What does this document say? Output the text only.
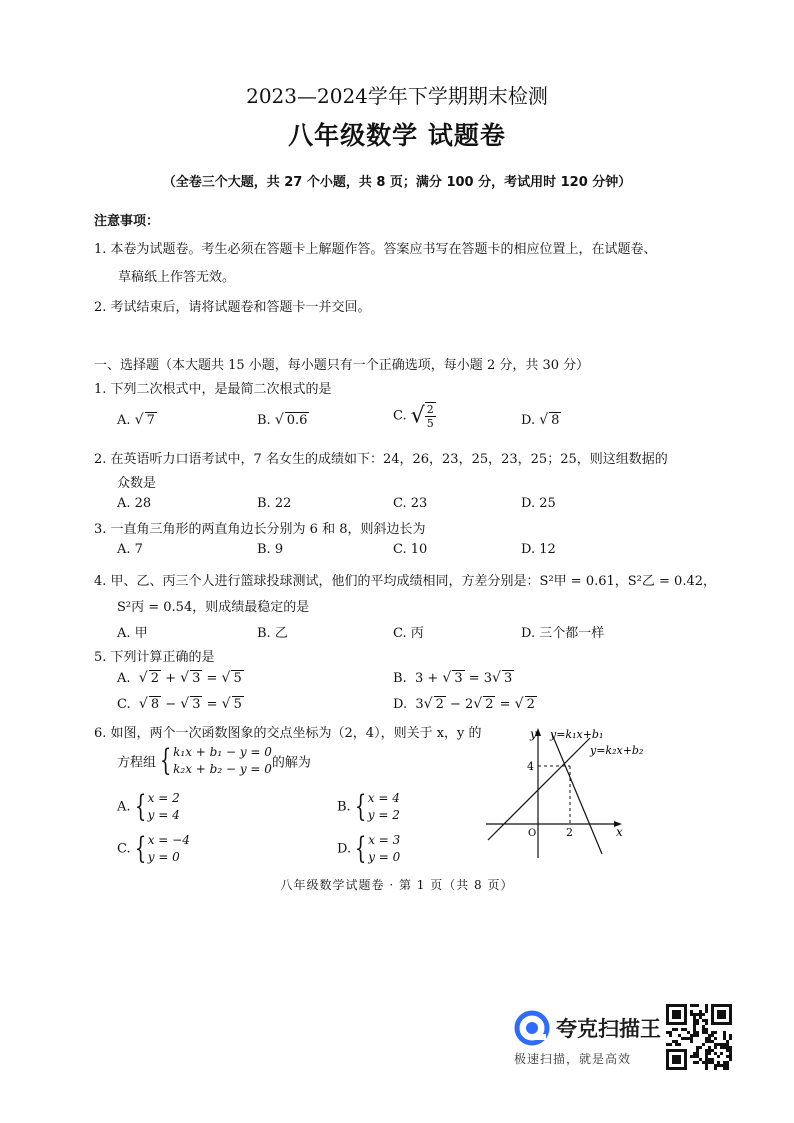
2023—2024学年下学期期末检测
八年级数学 试题卷
（全卷三个大题，共 27 个小题，共 8 页；满分 100 分，考试用时 120 分钟）
注意事项：
1. 本卷为试题卷。考生必须在答题卡上解题作答。答案应书写在答题卡的相应位置上，在试题卷、
草稿纸上作答无效。
2. 考试结束后，请将试题卷和答题卡一并交回。
一、选择题（本大题共 15 小题，每小题只有一个正确选项，每小题 2 分，共 30 分）
1. 下列二次根式中，是最简二次根式的是
A. √ 7	B. √ 0.6	C. √ $\frac{2}{5}$	D. √ 8
2. 在英语听力口语考试中，7 名女生的成绩如下：24，26，23，25，23，25；25，则这组数据的
众数是
A. 28	B. 22	C. 23	D. 25
3. 一直角三角形的两直角边长分别为 6 和 8，则斜边长为
A. 7	B. 9	C. 10	D. 12
4. 甲、乙、丙三个人进行篮球投球测试，他们的平均成绩相同，方差分别是：S²甲 = 0.61，S²乙 = 0.42，
S²丙 = 0.54，则成绩最稳定的是
A. 甲	B. 乙	C. 丙	D. 三个都一样
5. 下列计算正确的是
A. √ 2 + √ 3 = √ 5	B.  3 + √ 3 = 3√ 3
C. √ 8 − √ 3 = √ 5	D.  3√ 2 − 2√ 2 = √ 2
6. 如图，两个一次函数图象的交点坐标为（2，4），则关于 x，y 的
方程组 { k₁x + b₁ − y = 0
k₂x + b₂ − y = 0 的解为
A. { x = 2
y = 4
B. { x = 4
y = 2
C. { x = −4
y = 0
D. { x = 3
y = 0
y
x
O
4
2
y=k₁x+b₁
y=k₂x+b₂
八年级数学试题卷 · 第 1 页（共 8 页）
夸克扫描王
极速扫描，就是高效
